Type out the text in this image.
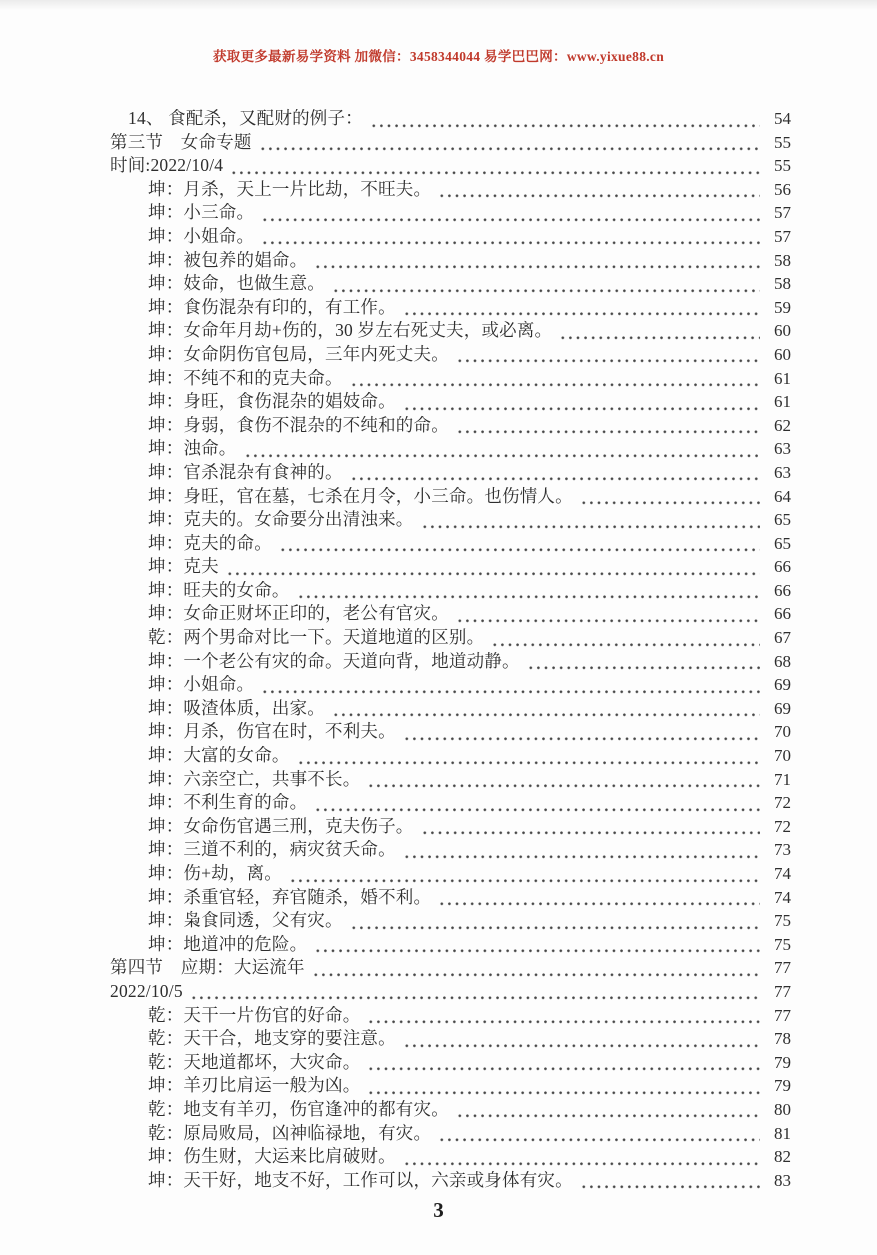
获取更多最新易学资料 加微信：3458344044 易学巴巴网：www.yixue88.cn
14、 食配杀，又配财的例子：	54
第三节　女命专题	55
时间:2022/10/4	55
坤：月杀，天上一片比劫，不旺夫。	56
坤：小三命。	57
坤：小姐命。	57
坤：被包养的娼命。	58
坤：妓命，也做生意。	58
坤：食伤混杂有印的，有工作。	59
坤：女命年月劫+伤的，30 岁左右死丈夫，或必离。	60
坤：女命阴伤官包局，三年内死丈夫。	60
坤：不纯不和的克夫命。	61
坤：身旺，食伤混杂的娼妓命。	61
坤：身弱，食伤不混杂的不纯和的命。	62
坤：浊命。	63
坤：官杀混杂有食神的。	63
坤：身旺，官在墓，七杀在月令，小三命。也伤情人。	64
坤：克夫的。女命要分出清浊来。	65
坤：克夫的命。	65
坤：克夫	66
坤：旺夫的女命。	66
坤：女命正财坏正印的，老公有官灾。	66
乾：两个男命对比一下。天道地道的区别。	67
坤：一个老公有灾的命。天道向背，地道动静。	68
坤：小姐命。	69
坤：吸渣体质，出家。	69
坤：月杀，伤官在时，不利夫。	70
坤：大富的女命。	70
坤：六亲空亡，共事不长。	71
坤：不利生育的命。	72
坤：女命伤官遇三刑，克夫伤子。	72
坤：三道不利的，病灾贫夭命。	73
坤：伤+劫，离。	74
坤：杀重官轻，弃官随杀，婚不利。	74
坤：枭食同透，父有灾。	75
坤：地道冲的危险。	75
第四节　应期：大运流年	77
2022/10/5	77
乾：天干一片伤官的好命。	77
乾：天干合，地支穿的要注意。	78
乾：天地道都坏，大灾命。	79
坤：羊刃比肩运一般为凶。	79
乾：地支有羊刃，伤官逢冲的都有灾。	80
乾：原局败局，凶神临禄地，有灾。	81
坤：伤生财，大运来比肩破财。	82
坤：天干好，地支不好，工作可以，六亲或身体有灾。	83
3
